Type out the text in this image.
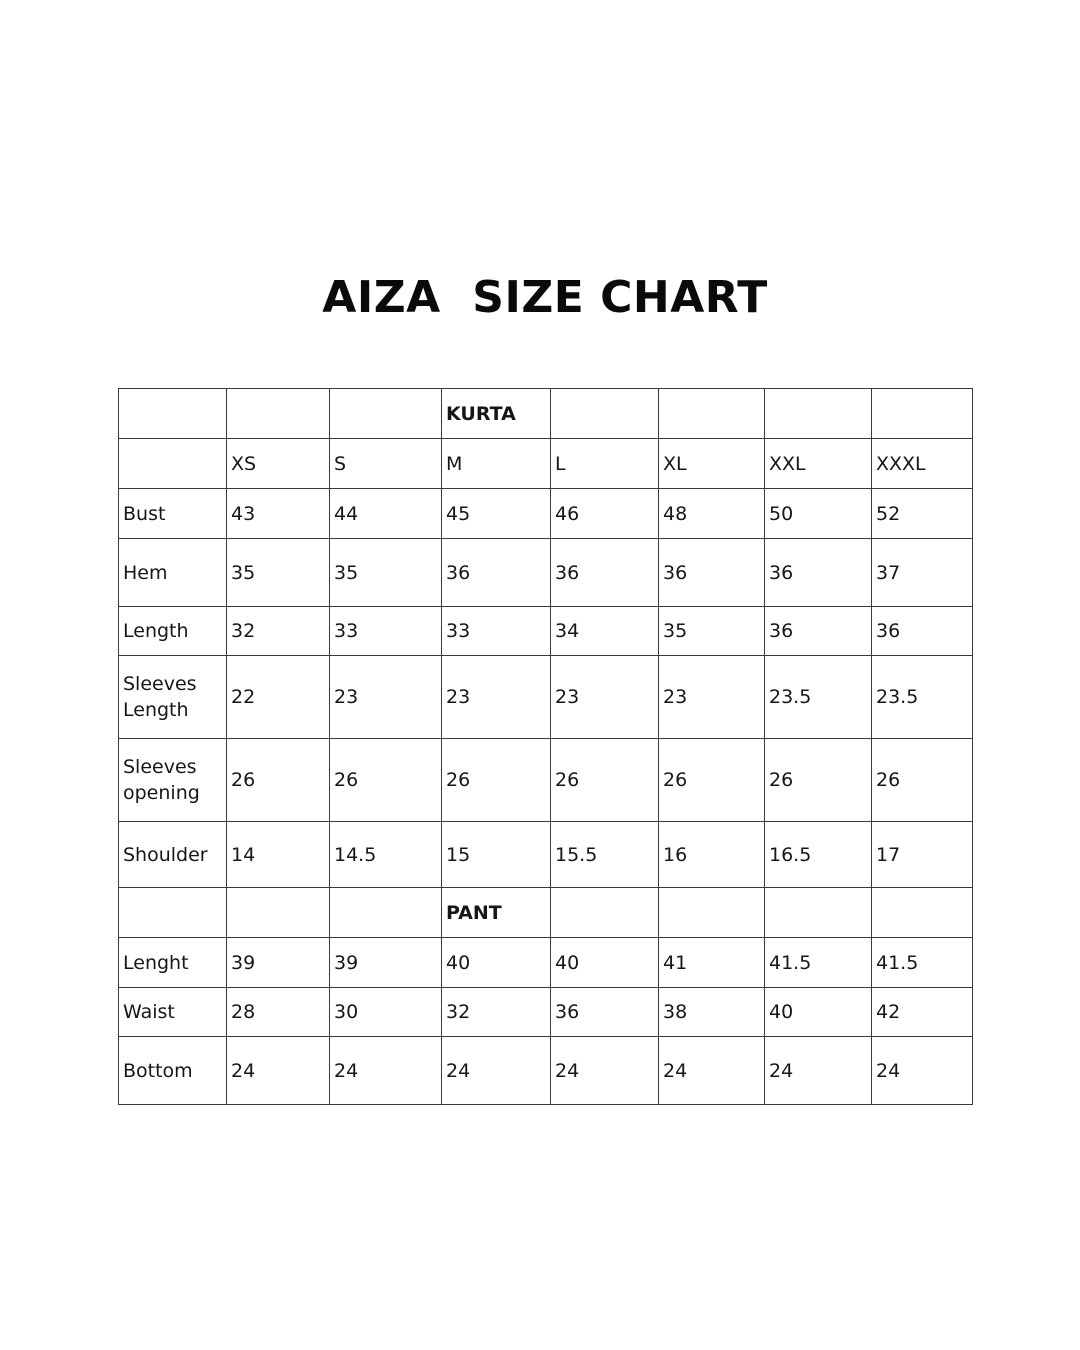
AIZA  SIZE CHART
			KURTA				
	XS	S	M	L	XL	XXL	XXXL
Bust	43	44	45	46	48	50	52
Hem	35	35	36	36	36	36	37
Length	32	33	33	34	35	36	36
Sleeves Length	22	23	23	23	23	23.5	23.5
Sleeves opening	26	26	26	26	26	26	26
Shoulder	14	14.5	15	15.5	16	16.5	17
			PANT				
Lenght	39	39	40	40	41	41.5	41.5
Waist	28	30	32	36	38	40	42
Bottom	24	24	24	24	24	24	24
